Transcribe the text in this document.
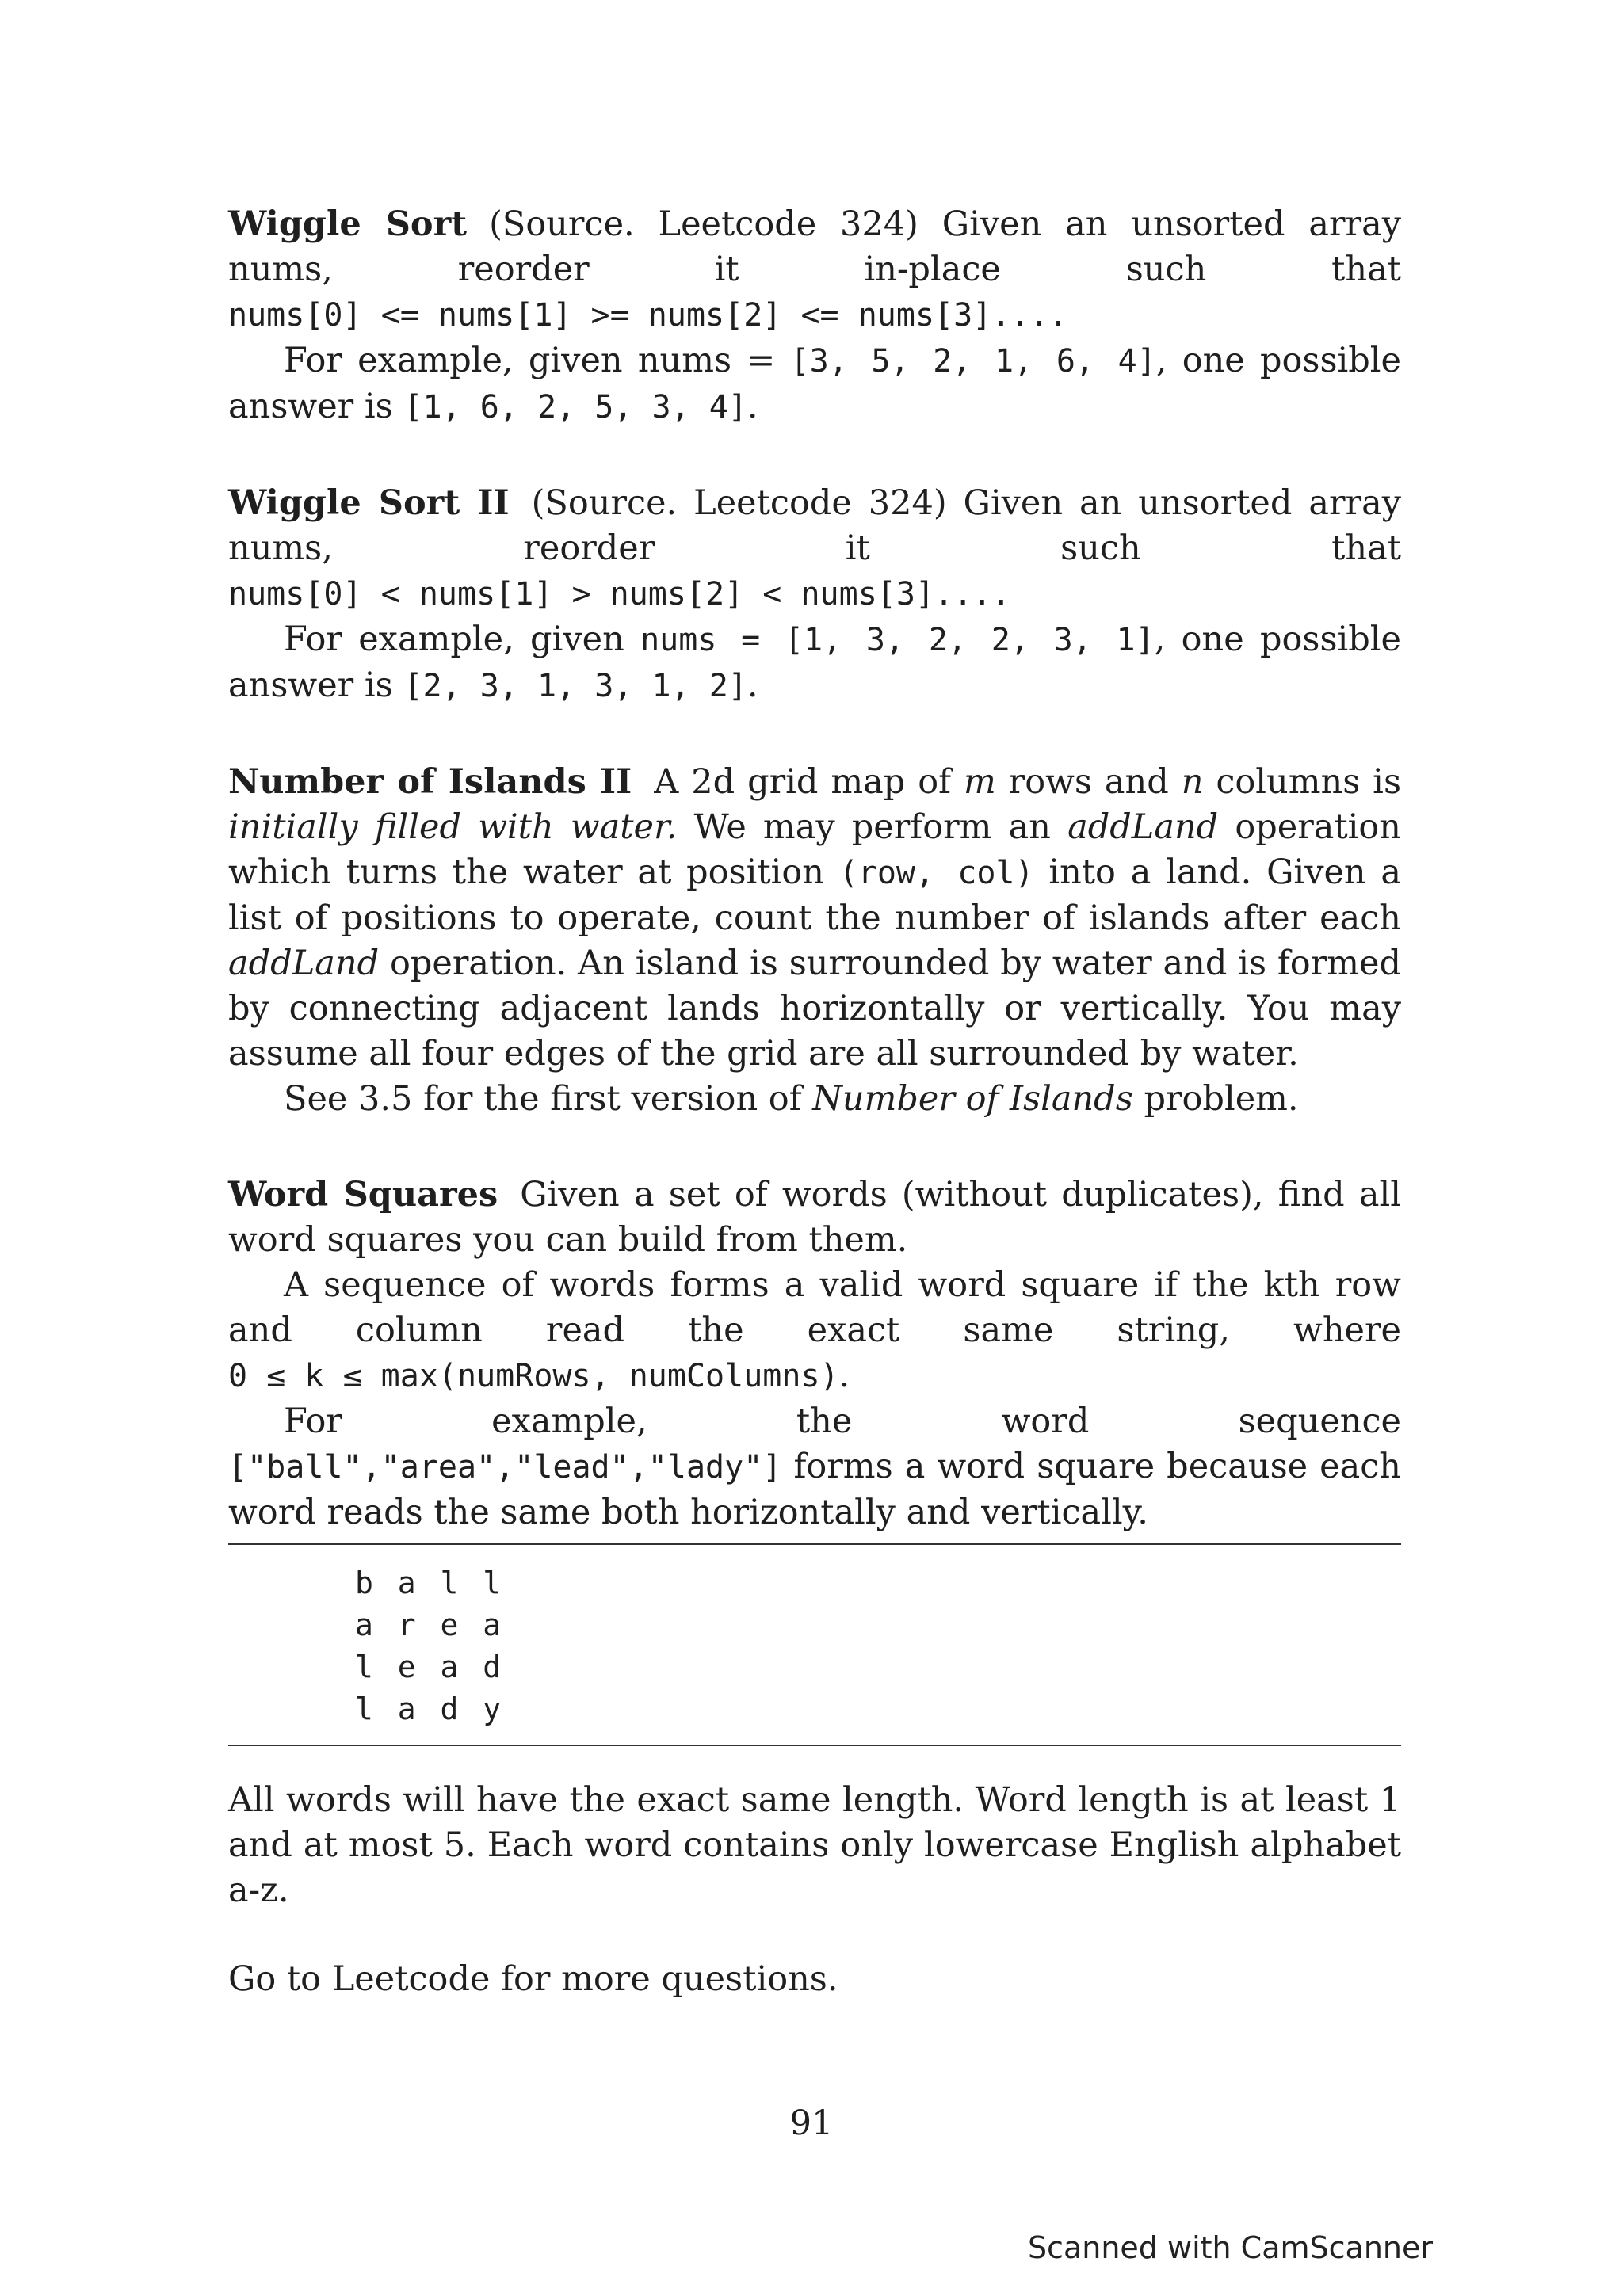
Wiggle Sort (Source. Leetcode 324) Given an unsorted array nums, reorder it in-place such that nums[0] <= nums[1] >= nums[2] <= nums[3]....

For example, given nums = [3, 5, 2, 1, 6, 4], one possible answer is [1, 6, 2, 5, 3, 4].

Wiggle Sort II (Source. Leetcode 324) Given an unsorted array nums, reorder it such that nums[0] < nums[1] > nums[2] < nums[3]....

For example, given nums = [1, 3, 2, 2, 3, 1], one possible answer is [2, 3, 1, 3, 1, 2].

Number of Islands II A 2d grid map of m rows and n columns is initially filled with water. We may perform an addLand operation which turns the water at position (row, col) into a land. Given a list of positions to operate, count the number of islands after each addLand operation. An island is surrounded by water and is formed by connecting adjacent lands horizontally or vertically. You may assume all four edges of the grid are all surrounded by water.

See 3.5 for the first version of Number of Islands problem.

Word Squares Given a set of words (without duplicates), find all word squares you can build from them.

A sequence of words forms a valid word square if the kth row and column read the exact same string, where 0 ≤ k ≤ max(numRows, numColumns).

For example, the word sequence ["ball","area","lead","lady"] forms a word square because each word reads the same both horizontally and vertically.

b a l l
a r e a
l e a d
l a d y

All words will have the exact same length. Word length is at least 1 and at most 5. Each word contains only lowercase English alphabet a-z.

Go to Leetcode for more questions.

91
Scanned with CamScanner
